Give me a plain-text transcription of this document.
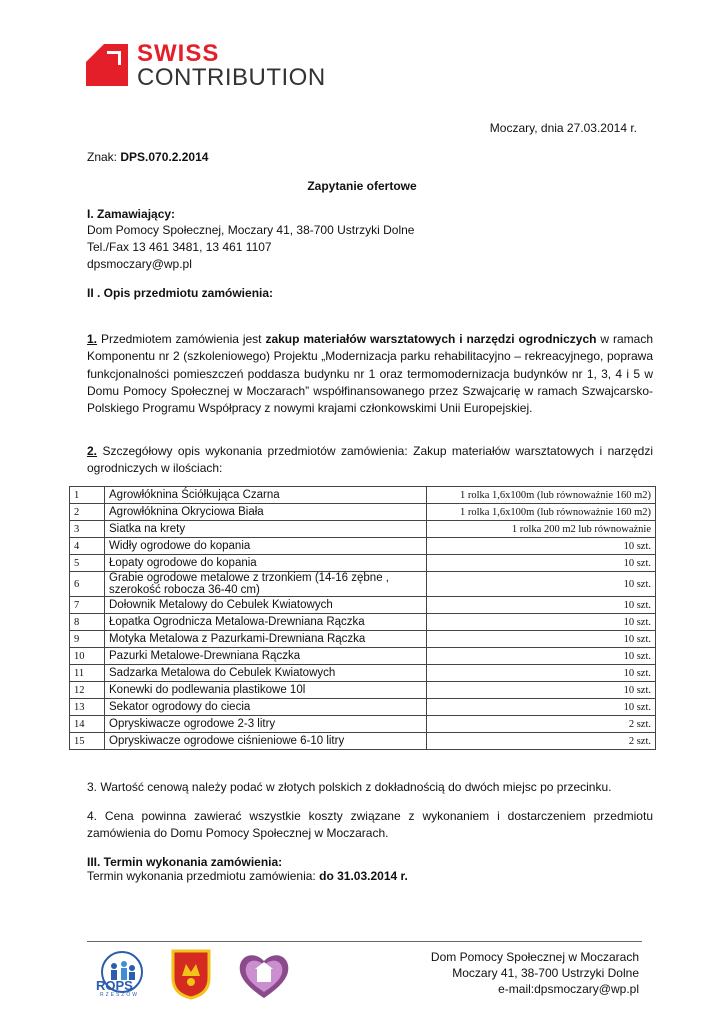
SWISS
CONTRIBUTION
Moczary, dnia 27.03.2014 r.
Znak: DPS.070.2.2014
Zapytanie ofertowe
I. Zamawiający:
Dom Pomocy Społecznej, Moczary 41, 38-700 Ustrzyki Dolne
Tel./Fax 13 461 3481, 13 461 1107
dpsmoczary@wp.pl
II . Opis przedmiotu zamówienia:
1. Przedmiotem zamówienia jest zakup materiałów warsztatowych i narzędzi ogrodniczych w ramach Komponentu nr 2 (szkoleniowego) Projektu „Modernizacja parku rehabilitacyjno – rekreacyjnego, poprawa funkcjonalności pomieszczeń poddasza budynku nr 1 oraz termomodernizacja budynków nr 1, 3, 4 i 5 w Domu Pomocy Społecznej w Moczarach” współfinansowanego przez Szwajcarię w ramach Szwajcarsko-Polskiego Programu Współpracy z nowymi krajami członkowskimi Unii Europejskiej.
2. Szczegółowy opis wykonania przedmiotów zamówienia: Zakup materiałów warsztatowych i narzędzi ogrodniczych w ilościach:
1	Agrowłóknina Ściółkująca Czarna	1 rolka 1,6x100m (lub równoważnie 160 m2)
2	Agrowłóknina Okryciowa Biała	1 rolka 1,6x100m (lub równoważnie 160 m2)
3	Siatka na krety	1 rolka 200 m2 lub równoważnie
4	Widły ogrodowe do kopania	10 szt.
5	Łopaty ogrodowe do kopania	10 szt.
6	Grabie ogrodowe metalowe z trzonkiem (14-16 zębne , szerokość robocza 36-40 cm)	10 szt.
7	Dołownik Metalowy do Cebulek Kwiatowych	10 szt.
8	Łopatka Ogrodnicza Metalowa-Drewniana Rączka	10 szt.
9	Motyka Metalowa z Pazurkami-Drewniana Rączka	10 szt.
10	Pazurki Metalowe-Drewniana Rączka	10 szt.
11	Sadzarka Metalowa do Cebulek Kwiatowych	10 szt.
12	Konewki do podlewania plastikowe 10l	10 szt.
13	Sekator ogrodowy do ciecia	10 szt.
14	Opryskiwacze ogrodowe 2-3 litry	2 szt.
15	Opryskiwacze ogrodowe ciśnieniowe 6-10 litry	2 szt.
3. Wartość cenową należy podać w złotych polskich z dokładnością do dwóch miejsc po przecinku.
4. Cena powinna zawierać wszystkie koszty związane z wykonaniem i dostarczeniem przedmiotu zamówienia do Domu Pomocy Społecznej w Moczarach.
III. Termin wykonania zamówienia:
Termin wykonania przedmiotu zamówienia: do 31.03.2014 r.
ROPS
RZESZÓW
Dom Pomocy Społecznej w Moczarach
Moczary 41, 38-700 Ustrzyki Dolne
e-mail:dpsmoczary@wp.pl
